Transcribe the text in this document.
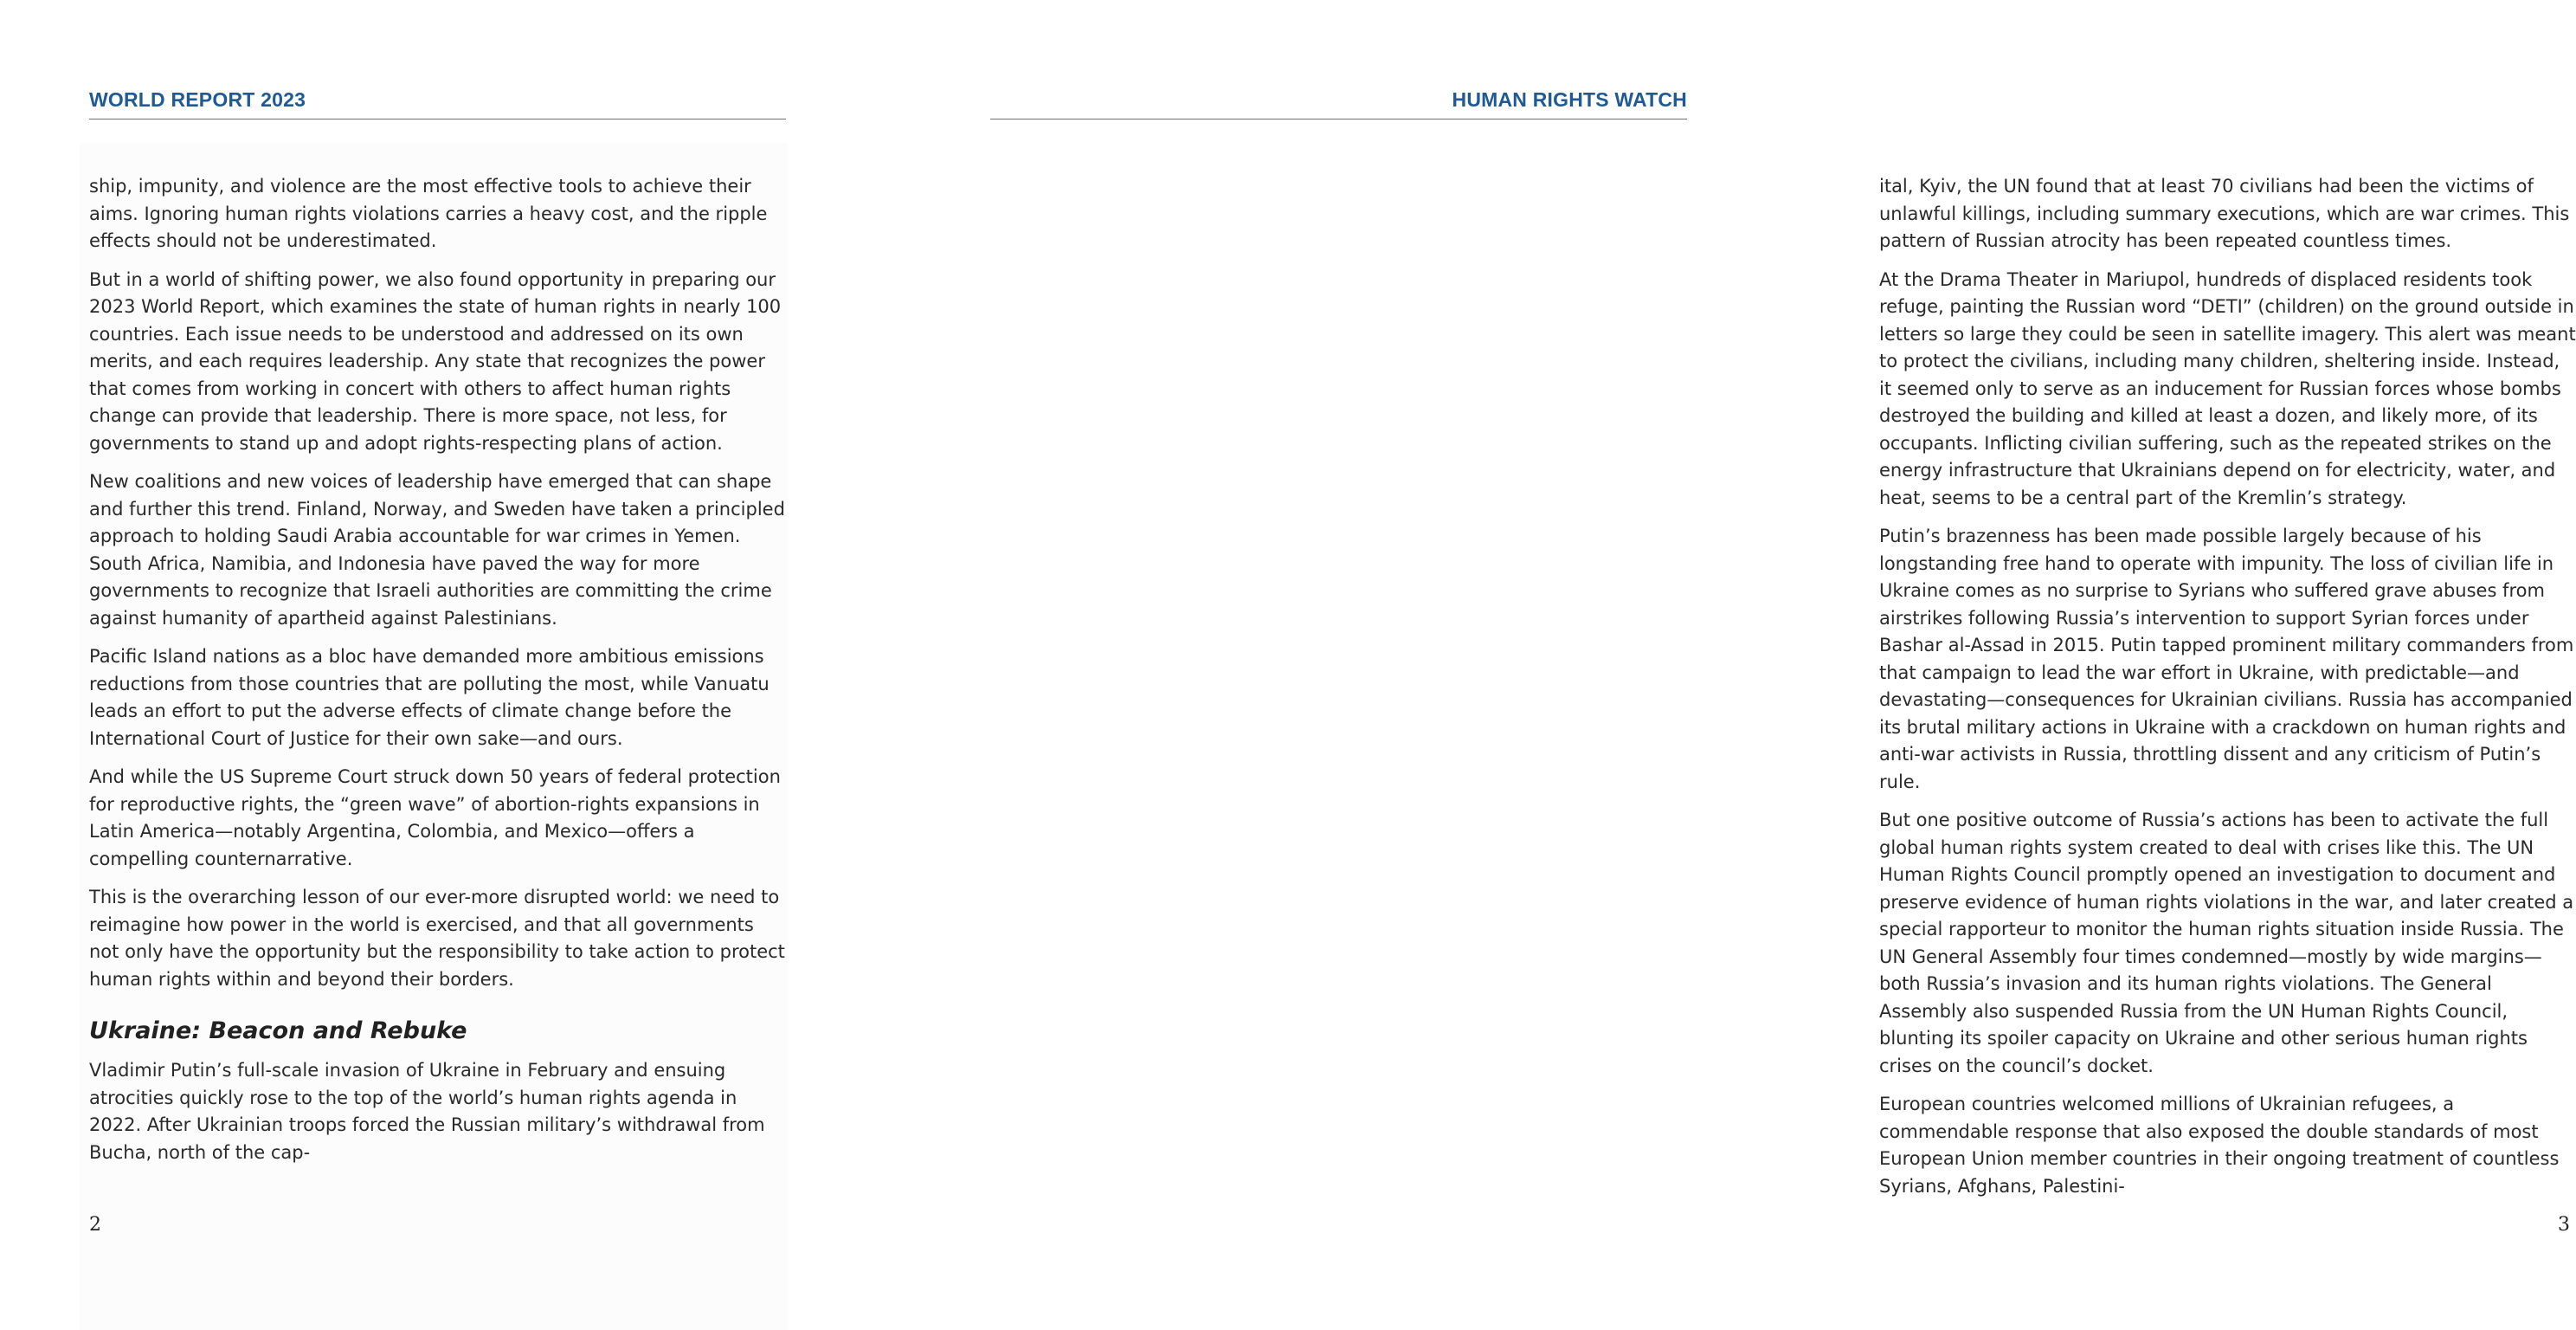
WORLD REPORT 2023

ship, impunity, and violence are the most effective tools to achieve their aims. Ignoring human rights violations carries a heavy cost, and the ripple effects should not be underestimated.

But in a world of shifting power, we also found opportunity in preparing our 2023 World Report, which examines the state of human rights in nearly 100 countries. Each issue needs to be understood and addressed on its own merits, and each requires leadership. Any state that recognizes the power that comes from working in concert with others to affect human rights change can provide that leadership. There is more space, not less, for governments to stand up and adopt rights-respecting plans of action.

New coalitions and new voices of leadership have emerged that can shape and further this trend. Finland, Norway, and Sweden have taken a principled approach to holding Saudi Arabia accountable for war crimes in Yemen. South Africa, Namibia, and Indonesia have paved the way for more governments to recognize that Israeli authorities are committing the crime against humanity of apartheid against Palestinians.

Pacific Island nations as a bloc have demanded more ambitious emissions reductions from those countries that are polluting the most, while Vanuatu leads an effort to put the adverse effects of climate change before the International Court of Justice for their own sake—and ours.

And while the US Supreme Court struck down 50 years of federal protection for reproductive rights, the “green wave” of abortion-rights expansions in Latin America—notably Argentina, Colombia, and Mexico—offers a compelling counternarrative.

This is the overarching lesson of our ever-more disrupted world: we need to reimagine how power in the world is exercised, and that all governments not only have the opportunity but the responsibility to take action to protect human rights within and beyond their borders.

Ukraine: Beacon and Rebuke

Vladimir Putin’s full-scale invasion of Ukraine in February and ensuing atrocities quickly rose to the top of the world’s human rights agenda in 2022. After Ukrainian troops forced the Russian military’s withdrawal from Bucha, north of the cap-

2
HUMAN RIGHTS WATCH

ital, Kyiv, the UN found that at least 70 civilians had been the victims of unlawful killings, including summary executions, which are war crimes. This pattern of Russian atrocity has been repeated countless times.

At the Drama Theater in Mariupol, hundreds of displaced residents took refuge, painting the Russian word “DETI” (children) on the ground outside in letters so large they could be seen in satellite imagery. This alert was meant to protect the civilians, including many children, sheltering inside. Instead, it seemed only to serve as an inducement for Russian forces whose bombs destroyed the building and killed at least a dozen, and likely more, of its occupants. Inflicting civilian suffering, such as the repeated strikes on the energy infrastructure that Ukrainians depend on for electricity, water, and heat, seems to be a central part of the Kremlin’s strategy.

Putin’s brazenness has been made possible largely because of his longstanding free hand to operate with impunity. The loss of civilian life in Ukraine comes as no surprise to Syrians who suffered grave abuses from airstrikes following Russia’s intervention to support Syrian forces under Bashar al-Assad in 2015. Putin tapped prominent military commanders from that campaign to lead the war effort in Ukraine, with predictable—and devastating—consequences for Ukrainian civilians. Russia has accompanied its brutal military actions in Ukraine with a crackdown on human rights and anti-war activists in Russia, throttling dissent and any criticism of Putin’s rule.

But one positive outcome of Russia’s actions has been to activate the full global human rights system created to deal with crises like this. The UN Human Rights Council promptly opened an investigation to document and preserve evidence of human rights violations in the war, and later created a special rapporteur to monitor the human rights situation inside Russia. The UN General Assembly four times condemned—mostly by wide margins—both Russia’s invasion and its human rights violations. The General Assembly also suspended Russia from the UN Human Rights Council, blunting its spoiler capacity on Ukraine and other serious human rights crises on the council’s docket.

European countries welcomed millions of Ukrainian refugees, a commendable response that also exposed the double standards of most European Union member countries in their ongoing treatment of countless Syrians, Afghans, Palestini-

3
